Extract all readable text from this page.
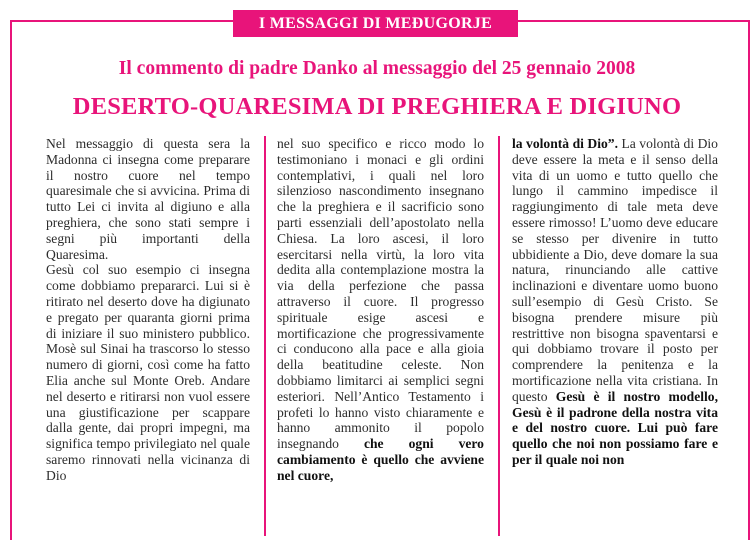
I MESSAGGI DI MEĐUGORJE
Il commento di padre Danko al messaggio del 25 gennaio 2008
DESERTO-QUARESIMA DI PREGHIERA E DIGIUNO

Nel messaggio di questa sera la Madonna ci insegna come preparare il nostro cuore nel tempo quaresimale che si avvicina. Prima di tutto Lei ci invita al digiuno e alla preghiera, che sono stati sempre i segni più importanti della Quaresima.

Gesù col suo esempio ci insegna come dobbiamo prepararci. Lui si è ritirato nel deserto dove ha digiunato e pregato per quaranta giorni prima di iniziare il suo ministero pubblico. Mosè sul Sinai ha trascorso lo stesso numero di giorni, così come ha fatto Elia anche sul Monte Oreb. Andare nel deserto e ritirarsi non vuol essere una giustificazione per scappare dalla gente, dai propri impegni, ma significa tempo privilegiato nel quale saremo rinnovati nella vicinanza di Dio

nel suo specifico e ricco modo lo testimoniano i monaci e gli ordini contemplativi, i quali nel loro silenzioso nascondimento insegnano che la preghiera e il sacrificio sono parti essenziali dell’apostolato nella Chiesa. La loro ascesi, il loro esercitarsi nella virtù, la loro vita dedita alla contemplazione mostra la via della perfezione che passa attraverso il cuore. Il progresso spirituale esige ascesi e mortificazione che progressivamente ci conducono alla pace e alla gioia della beatitudine celeste. Non dobbiamo limitarci ai semplici segni esteriori. Nell’Antico Testamento i profeti lo hanno visto chiaramente e hanno ammonito il popolo insegnando che ogni vero cambiamento è quello che avviene nel cuore,

la volontà di Dio”. La volontà di Dio deve essere la meta e il senso della vita di un uomo e tutto quello che lungo il cammino impedisce il raggiungimento di tale meta deve essere rimosso! L’uomo deve educare se stesso per divenire in tutto ubbidiente a Dio, deve domare la sua natura, rinunciando alle cattive inclinazioni e diventare uomo buono sull’esempio di Gesù Cristo. Se bisogna prendere misure più restrittive non bisogna spaventarsi e qui dobbiamo trovare il posto per comprendere la penitenza e la mortificazione nella vita cristiana. In questo Gesù è il nostro modello, Gesù è il padrone della nostra vita e del nostro cuore. Lui può fare quello che noi non possiamo fare e per il quale noi non
